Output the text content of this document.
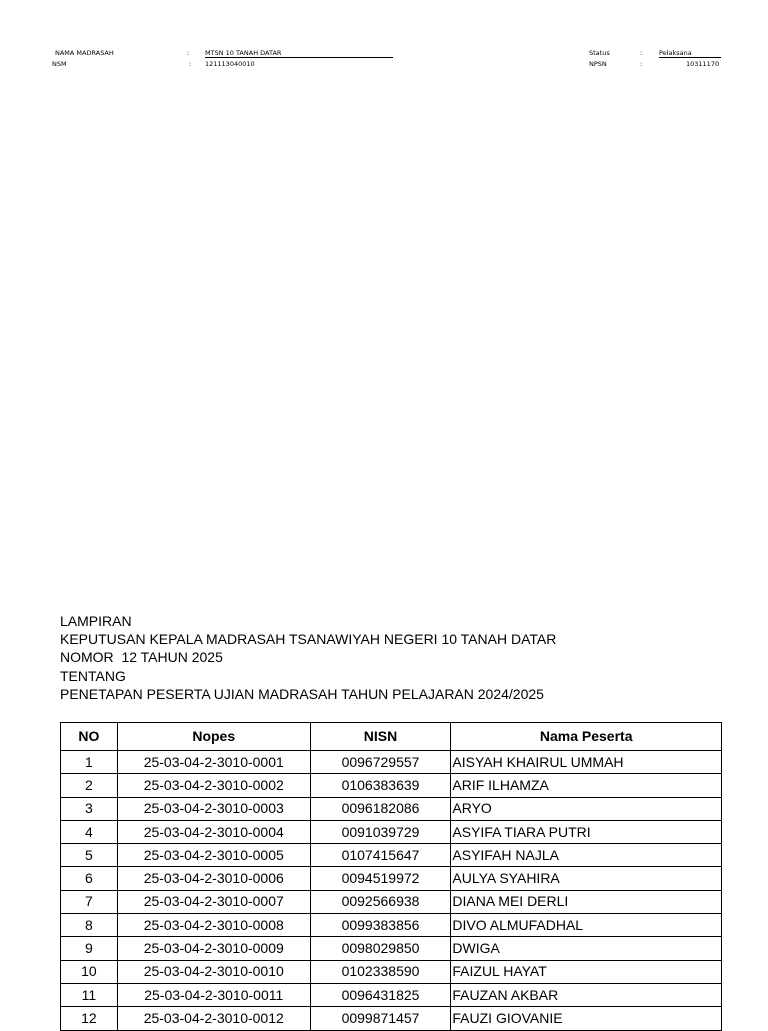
NAMA MADRASAH	: MTSN 10 TANAH DATAR
NSM	: 121113040010
Status	:	Pelaksana
NPSN	:	10311170
LAMPIRAN
KEPUTUSAN KEPALA MADRASAH TSANAWIYAH NEGERI 10 TANAH DATAR
NOMOR  12 TAHUN 2025
TENTANG
PENETAPAN PESERTA UJIAN MADRASAH TAHUN PELAJARAN 2024/2025
NO	Nopes	NISN	Nama Peserta
1	25-03-04-2-3010-0001	0096729557	AISYAH KHAIRUL UMMAH
2	25-03-04-2-3010-0002	0106383639	ARIF ILHAMZA
3	25-03-04-2-3010-0003	0096182086	ARYO
4	25-03-04-2-3010-0004	0091039729	ASYIFA TIARA PUTRI
5	25-03-04-2-3010-0005	0107415647	ASYIFAH NAJLA
6	25-03-04-2-3010-0006	0094519972	AULYA SYAHIRA
7	25-03-04-2-3010-0007	0092566938	DIANA MEI DERLI
8	25-03-04-2-3010-0008	0099383856	DIVO ALMUFADHAL
9	25-03-04-2-3010-0009	0098029850	DWIGA
10	25-03-04-2-3010-0010	0102338590	FAIZUL HAYAT
11	25-03-04-2-3010-0011	0096431825	FAUZAN AKBAR
12	25-03-04-2-3010-0012	0099871457	FAUZI GIOVANIE
